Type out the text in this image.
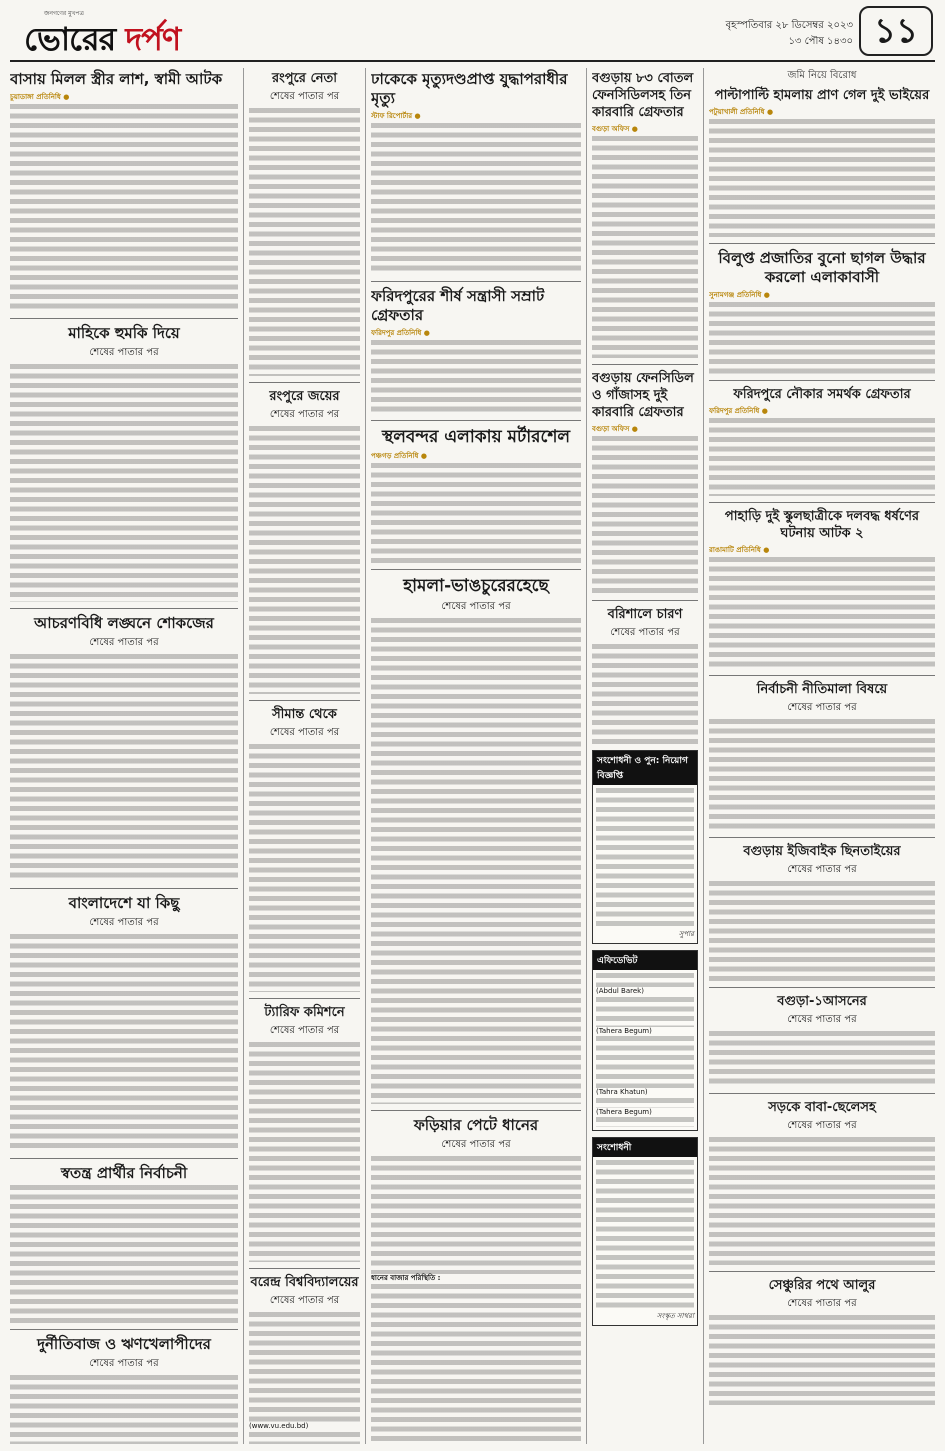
জনগণের মুখপত্র
ভোরের দর্পণ	বৃহস্পতিবার ২৮ ডিসেম্বর ২০২৩
১৩ পৌষ ১৪৩০ ১১
বাসায় মিলল স্ত্রীর লাশ, স্বামী আটক
চুয়াডাঙ্গা প্রতিনিধি ●
মাহিকে হুমকি দিয়ে
শেষের পাতার পর
আচরণবিধি লঙ্ঘনে শোকজের
শেষের পাতার পর
বাংলাদেশে যা কিছু
শেষের পাতার পর
স্বতন্ত্র প্রার্থীর নির্বাচনী
দুর্নীতিবাজ ও ঋণখেলাপীদের
শেষের পাতার পর
রংপুরে নেতা
শেষের পাতার পর
রংপুরে জয়ের
শেষের পাতার পর
সীমান্ত থেকে
শেষের পাতার পর
ট্যারিফ কমিশনে
শেষের পাতার পর
বরেন্দ্র বিশ্ববিদ্যালয়ের
শেষের পাতার পর
(www.vu.edu.bd)
ঢাকেকে মৃত্যুদণ্ডপ্রাপ্ত যুদ্ধাপরাধীর মৃত্যু
স্টাফ রিপোর্টার ●
ফরিদপুরের শীর্ষ সন্ত্রাসী সম্রাট গ্রেফতার
ফরিদপুর প্রতিনিধি ●
স্থলবন্দর এলাকায় মর্টারশেল
পঞ্চগড় প্রতিনিধি ●
হামলা-ভাঙচুরেরহেছে
শেষের পাতার পর
ফড়িয়ার পেটে ধানের
শেষের পাতার পর
ধানের বাজার পরিস্থিতি :
বগুড়ায় ৮৩ বোতল ফেনসিডিলসহ তিন কারবারি গ্রেফতার
বগুড়া অফিস ●
বগুড়ায় ফেনসিডিল ও গাঁজাসহ দুই কারবারি গ্রেফতার
বগুড়া অফিস ●
বরিশালে চারণ
শেষের পাতার পর
সংশোধনী ও পুন: নিয়োগ বিজ্ঞপ্তি
সুপার
এফিডেভিট
(Abdul Barek)
(Tahera Begum)
(Tahra Khatun)
(Tahera Begum)
সংশোধনী
সংস্কৃত সাথরা
জমি নিয়ে বিরোধ
পাল্টাপাল্টি হামলায় প্রাণ গেল দুই ভাইয়ের
পটুয়াখালী প্রতিনিধি ●
বিলুপ্ত প্রজাতির বুনো ছাগল উদ্ধার করলো এলাকাবাসী
সুনামগঞ্জ প্রতিনিধি ●
ফরিদপুরে নৌকার সমর্থক গ্রেফতার
ফরিদপুর প্রতিনিধি ●
পাহাড়ি দুই স্কুলছাত্রীকে দলবদ্ধ ধর্ষণের ঘটনায় আটক ২
রাঙামাটি প্রতিনিধি ●
নির্বাচনী নীতিমালা বিষয়ে
শেষের পাতার পর
বগুড়ায় ইজিবাইক ছিনতাইয়ের
শেষের পাতার পর
বগুড়া-১আসনের
শেষের পাতার পর
সড়কে বাবা-ছেলেসহ
শেষের পাতার পর
সেঞ্চুরির পথে আলুর
শেষের পাতার পর
